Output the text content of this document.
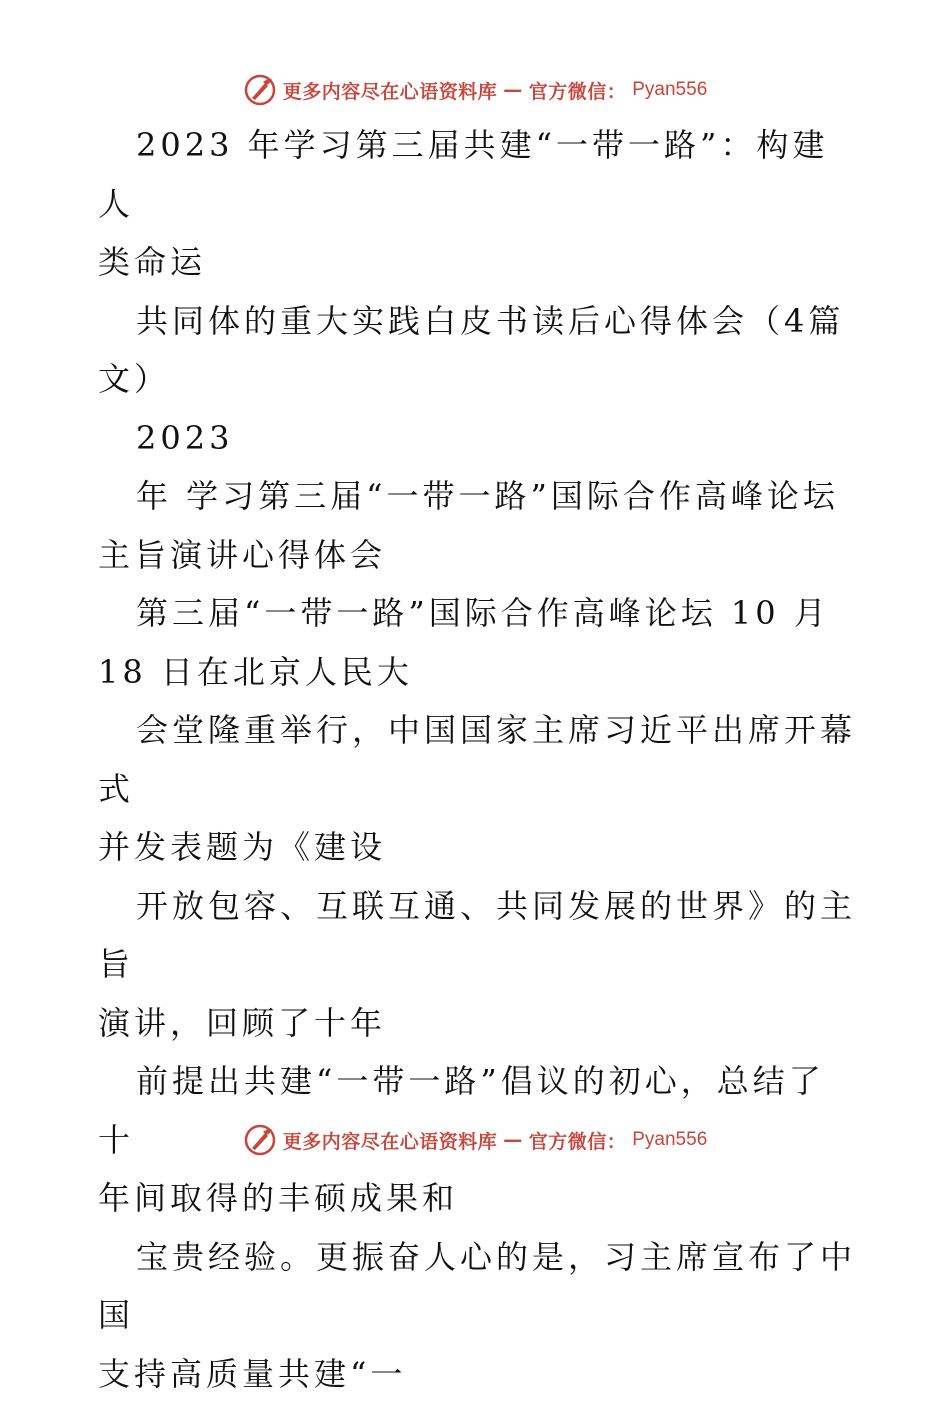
更多内容尽在心语资料库 — 官方微信： Pyan556

2023 年学习第三届共建“一带一路”：构建人
类命运

共同体的重大实践白皮书读后心得体会（4篇
文）

2023

年 学习第三届“一带一路”国际合作高峰论坛
主旨演讲心得体会

第三届“一带一路”国际合作高峰论坛 10 月
18 日在北京人民大

会堂隆重举行，中国国家主席习近平出席开幕式
并发表题为《建设

开放包容、互联互通、共同发展的世界》的主旨
演讲，回顾了十年

前提出共建“一带一路”倡议的初心，总结了十
年间取得的丰硕成果和

宝贵经验。更振奋人心的是，习主席宣布了中国
支持高质量共建“一

更多内容尽在心语资料库 — 官方微信： Pyan556
